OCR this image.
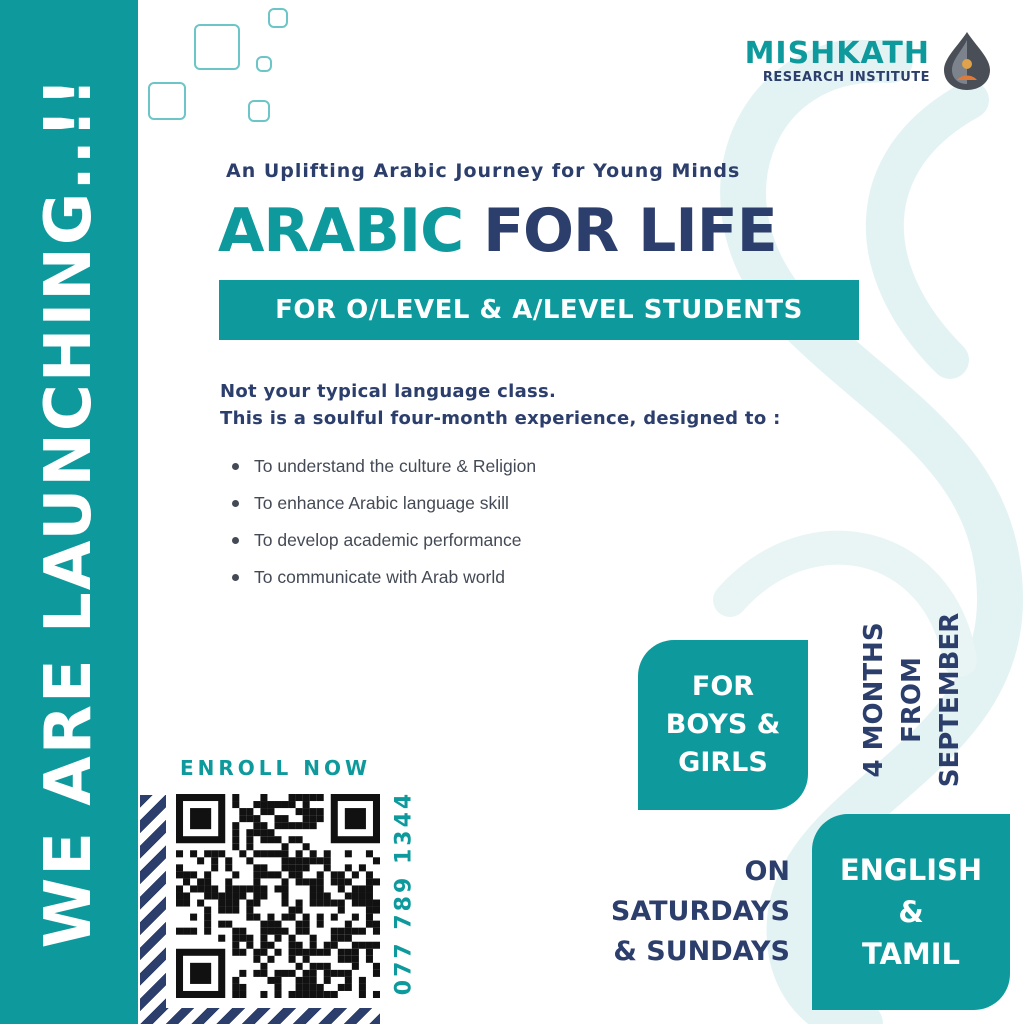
WE ARE LAUNCHING..!!
MISHKATH
RESEARCH INSTITUTE
An Uplifting Arabic Journey for Young Minds
ARABIC FOR LIFE
FOR O/LEVEL & A/LEVEL STUDENTS
Not your typical language class.
This is a soulful four-month experience, designed to :
To understand the culture & Religion
To enhance Arabic language skill
To develop academic performance
To communicate with Arab world
FOR
BOYS &
GIRLS	4 MONTHS FROM SEPTEMBER
ON
SATURDAYS
& SUNDAYS
ENGLISH
&
TAMIL
ENROLL NOW
077 789 1344
